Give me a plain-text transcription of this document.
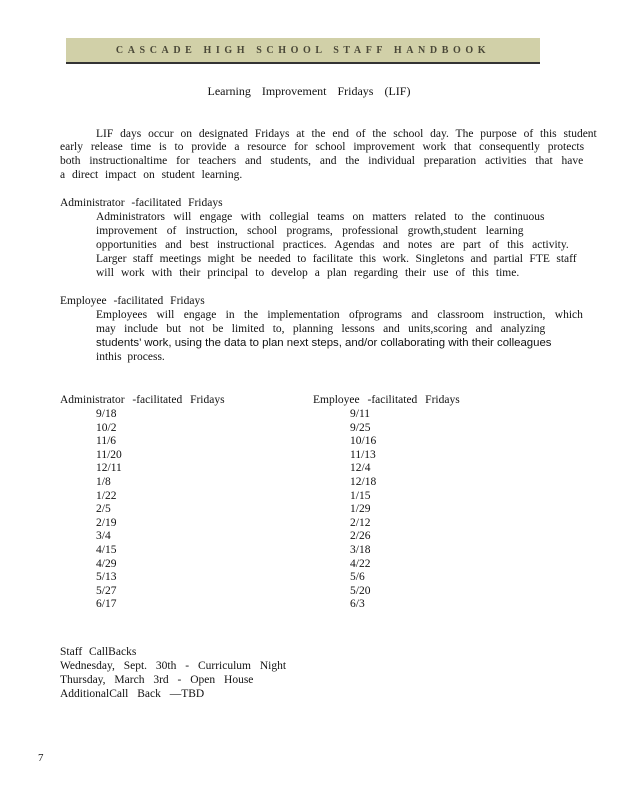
CASCADE HIGH SCHOOL STAFF HANDBOOK
Learning Improvement Fridays (LIF)
LIF days occur on designated Fridays at the end of the school day. The purpose of this student
early release time is to provide a resource for school improvement work that consequently protects
both instructionaltime for teachers and students, and the individual preparation activities that have
a direct impact on student learning.
Administrator -facilitated Fridays
Administrators will engage with collegial teams on matters related to the continuous
improvement of instruction, school programs, professional growth,student learning
opportunities and best instructional practices. Agendas and notes are part of this activity.
Larger staff meetings might be needed to facilitate this work. Singletons and partial FTE staff
will work with their principal to develop a plan regarding their use of this time.
Employee -facilitated Fridays
Employees will engage in the implementation ofprograms and classroom instruction, which
may include but not be limited to, planning lessons and units,scoring and analyzing
students’ work, using the data to plan next steps, and/or collaborating with their colleagues
inthis process.
Administrator -facilitated Fridays	Employee -facilitated Fridays
9/18
10/2
11/6
11/20
12/11
1/8
1/22
2/5
2/19
3/4
4/15
4/29
5/13
5/27
6/17
9/11
9/25
10/16
11/13
12/4
12/18
1/15
1/29
2/12
2/26
3/18
4/22
5/6
5/20
6/3
Staff CallBacks
Wednesday, Sept. 30th - Curriculum Night
Thursday, March 3rd - Open House
AdditionalCall Back —TBD
7
